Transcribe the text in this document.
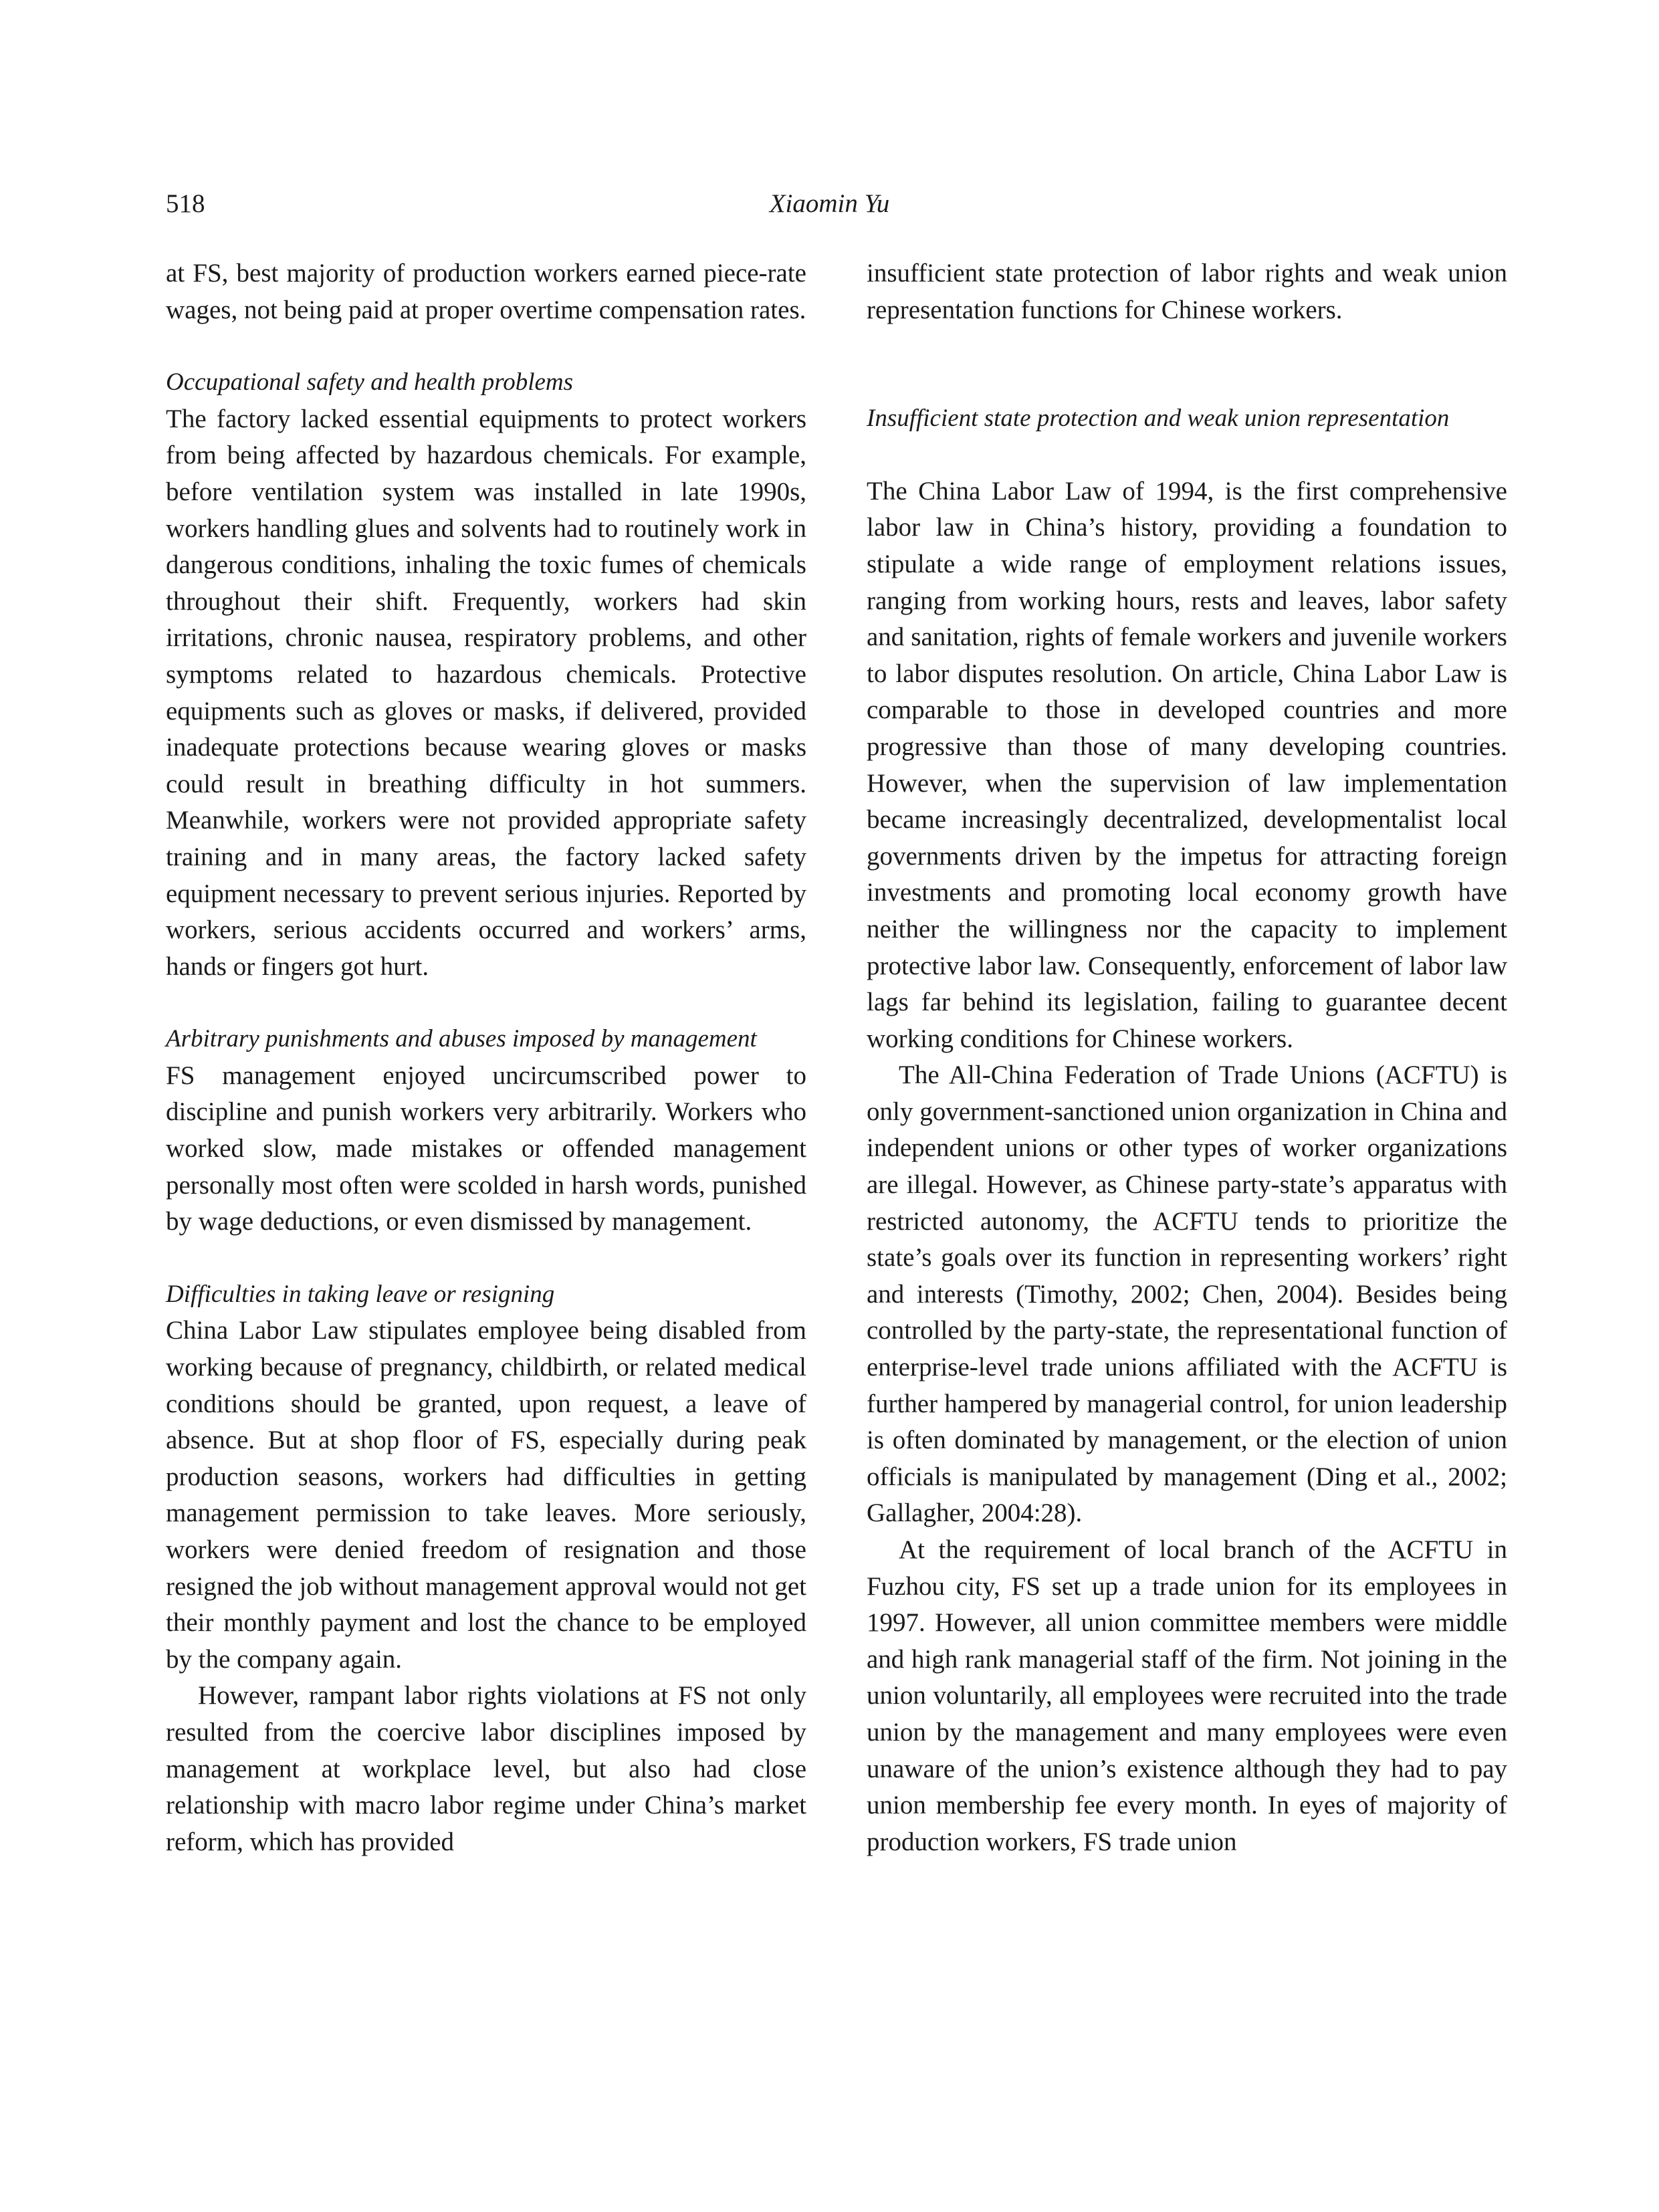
518	Xiaomin Yu

at FS, best majority of production workers earned piece-rate wages, not being paid at proper overtime compensation rates.

Occupational safety and health problems

The factory lacked essential equipments to protect workers from being affected by hazardous chemicals. For example, before ventilation system was installed in late 1990s, workers handling glues and solvents had to routinely work in dangerous conditions, inhaling the toxic fumes of chemicals throughout their shift. Frequently, workers had skin irritations, chronic nausea, respiratory problems, and other symptoms related to hazardous chemicals. Protective equipments such as gloves or masks, if delivered, provided inadequate protections because wearing gloves or masks could result in breathing difficulty in hot summers. Meanwhile, workers were not provided appropriate safety training and in many areas, the factory lacked safety equipment necessary to prevent serious injuries. Reported by workers, serious accidents occurred and workers’ arms, hands or fingers got hurt.

Arbitrary punishments and abuses imposed by management

FS management enjoyed uncircumscribed power to discipline and punish workers very arbitrarily. Workers who worked slow, made mistakes or offended management personally most often were scolded in harsh words, punished by wage deductions, or even dismissed by management.

Difficulties in taking leave or resigning

China Labor Law stipulates employee being disabled from working because of pregnancy, childbirth, or related medical conditions should be granted, upon request, a leave of absence. But at shop floor of FS, especially during peak production seasons, workers had difficulties in getting management permission to take leaves. More seriously, workers were denied freedom of resignation and those resigned the job without management approval would not get their monthly payment and lost the chance to be employed by the company again.

However, rampant labor rights violations at FS not only resulted from the coercive labor disciplines imposed by management at workplace level, but also had close relationship with macro labor regime under China’s market reform, which has provided

insufficient state protection of labor rights and weak union representation functions for Chinese workers.

Insufficient state protection and weak union representation

The China Labor Law of 1994, is the first comprehensive labor law in China’s history, providing a foundation to stipulate a wide range of employment relations issues, ranging from working hours, rests and leaves, labor safety and sanitation, rights of female workers and juvenile workers to labor disputes resolution. On article, China Labor Law is comparable to those in developed countries and more progressive than those of many developing countries. However, when the supervision of law implementation became increasingly decentralized, developmentalist local governments driven by the impetus for attracting foreign investments and promoting local economy growth have neither the willingness nor the capacity to implement protective labor law. Consequently, enforcement of labor law lags far behind its legislation, failing to guarantee decent working conditions for Chinese workers.

The All-China Federation of Trade Unions (ACFTU) is only government-sanctioned union organization in China and independent unions or other types of worker organizations are illegal. However, as Chinese party-state’s apparatus with restricted autonomy, the ACFTU tends to prioritize the state’s goals over its function in representing workers’ right and interests (Timothy, 2002; Chen, 2004). Besides being controlled by the party-state, the representational function of enterprise-level trade unions affiliated with the ACFTU is further hampered by managerial control, for union leadership is often dominated by management, or the election of union officials is manipulated by management (Ding et al., 2002; Gallagher, 2004:28).

At the requirement of local branch of the ACFTU in Fuzhou city, FS set up a trade union for its employees in 1997. However, all union committee members were middle and high rank managerial staff of the firm. Not joining in the union voluntarily, all employees were recruited into the trade union by the management and many employees were even unaware of the union’s existence although they had to pay union membership fee every month. In eyes of majority of production workers, FS trade union
